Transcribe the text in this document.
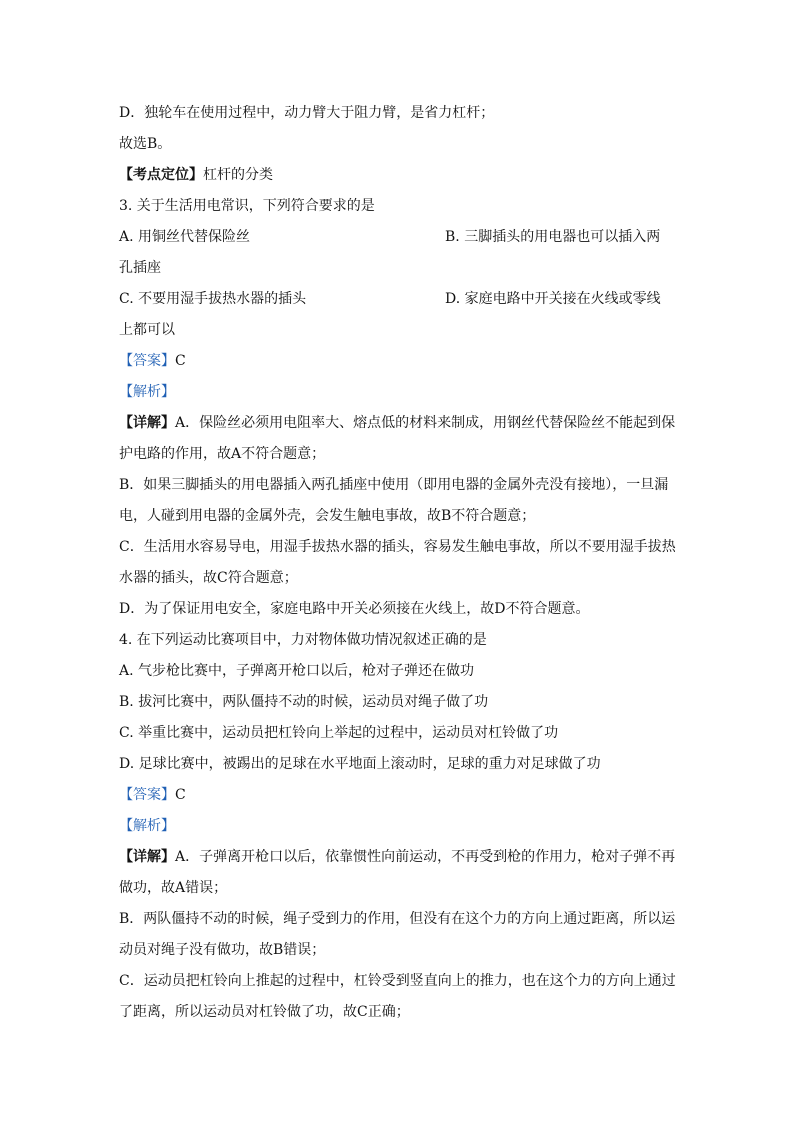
D．独轮车在使用过程中，动力臂大于阻力臂，是省力杠杆；
故选B。
【考点定位】杠杆的分类
3. 关于生活用电常识，下列符合要求的是
A. 用铜丝代替保险丝	B. 三脚插头的用电器也可以插入两
孔插座
C. 不要用湿手拔热水器的插头	D. 家庭电路中开关接在火线或零线
上都可以
【答案】C
【解析】
【详解】A．保险丝必须用电阻率大、熔点低的材料来制成，用钢丝代替保险丝不能起到保
护电路的作用，故A不符合题意；
B．如果三脚插头的用电器插入两孔插座中使用（即用电器的金属外壳没有接地），一旦漏
电，人碰到用电器的金属外壳，会发生触电事故，故B不符合题意；
C．生活用水容易导电，用湿手拔热水器的插头，容易发生触电事故，所以不要用湿手拔热
水器的插头，故C符合题意；
D．为了保证用电安全，家庭电路中开关必须接在火线上，故D不符合题意。
4. 在下列运动比赛项目中，力对物体做功情况叙述正确的是
A. 气步枪比赛中，子弹离开枪口以后，枪对子弹还在做功
B. 拔河比赛中，两队僵持不动的时候，运动员对绳子做了功
C. 举重比赛中，运动员把杠铃向上举起的过程中，运动员对杠铃做了功
D. 足球比赛中，被踢出的足球在水平地面上滚动时，足球的重力对足球做了功
【答案】C
【解析】
【详解】A．子弹离开枪口以后，依靠惯性向前运动，不再受到枪的作用力，枪对子弹不再
做功，故A错误；
B．两队僵持不动的时候，绳子受到力的作用，但没有在这个力的方向上通过距离，所以运
动员对绳子没有做功，故B错误；
C．运动员把杠铃向上推起的过程中，杠铃受到竖直向上的推力，也在这个力的方向上通过
了距离，所以运动员对杠铃做了功，故C正确；
